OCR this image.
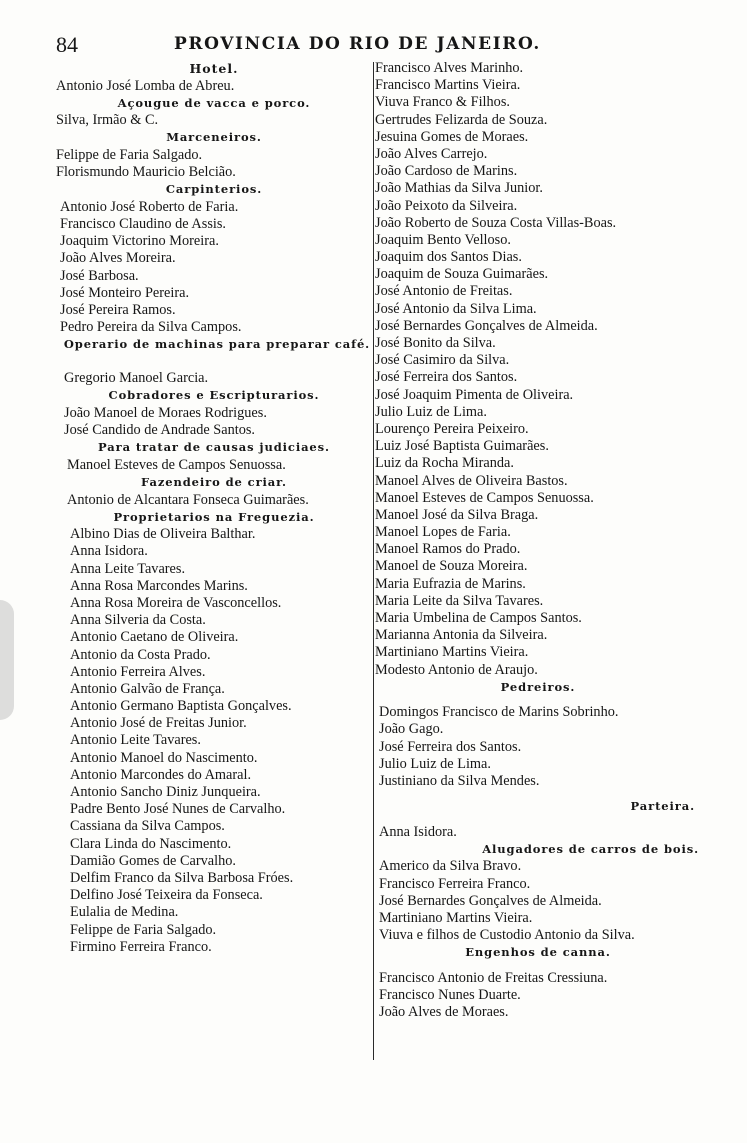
84	PROVINCIA DO RIO DE JANEIRO.
Hotel.
Antonio José Lomba de Abreu.
Açougue de vacca e porco.
Silva, Irmão & C.
Marceneiros.
Felippe de Faria Salgado.
Florismundo Mauricio Belcião.
Carpinterios.
Antonio José Roberto de Faria.
Francisco Claudino de Assis.
Joaquim Victorino Moreira.
João Alves Moreira.
José Barbosa.
José Monteiro Pereira.
José Pereira Ramos.
Pedro Pereira da Silva Campos.
Operario de machinas para preparar café.
Gregorio Manoel Garcia.
Cobradores e Escripturarios.
João Manoel de Moraes Rodrigues.
José Candido de Andrade Santos.
Para tratar de causas judiciaes.
Manoel Esteves de Campos Senuossa.
Fazendeiro de criar.
Antonio de Alcantara Fonseca Guimarães.
Proprietarios na Freguezia.
Albino Dias de Oliveira Balthar.
Anna Isidora.
Anna Leite Tavares.
Anna Rosa Marcondes Marins.
Anna Rosa Moreira de Vasconcellos.
Anna Silveria da Costa.
Antonio Caetano de Oliveira.
Antonio da Costa Prado.
Antonio Ferreira Alves.
Antonio Galvão de França.
Antonio Germano Baptista Gonçalves.
Antonio José de Freitas Junior.
Antonio Leite Tavares.
Antonio Manoel do Nascimento.
Antonio Marcondes do Amaral.
Antonio Sancho Diniz Junqueira.
Padre Bento José Nunes de Carvalho.
Cassiana da Silva Campos.
Clara Linda do Nascimento.
Damião Gomes de Carvalho.
Delfim Franco da Silva Barbosa Fróes.
Delfino José Teixeira da Fonseca.
Eulalia de Medina.
Felippe de Faria Salgado.
Firmino Ferreira Franco.
Francisco Alves Marinho.
Francisco Martins Vieira.
Viuva Franco & Filhos.
Gertrudes Felizarda de Souza.
Jesuina Gomes de Moraes.
João Alves Carrejo.
João Cardoso de Marins.
João Mathias da Silva Junior.
João Peixoto da Silveira.
João Roberto de Souza Costa Villas-Boas.
Joaquim Bento Velloso.
Joaquim dos Santos Dias.
Joaquim de Souza Guimarães.
José Antonio de Freitas.
José Antonio da Silva Lima.
José Bernardes Gonçalves de Almeida.
José Bonito da Silva.
José Casimiro da Silva.
José Ferreira dos Santos.
José Joaquim Pimenta de Oliveira.
Julio Luiz de Lima.
Lourenço Pereira Peixeiro.
Luiz José Baptista Guimarães.
Luiz da Rocha Miranda.
Manoel Alves de Oliveira Bastos.
Manoel Esteves de Campos Senuossa.
Manoel José da Silva Braga.
Manoel Lopes de Faria.
Manoel Ramos do Prado.
Manoel de Souza Moreira.
Maria Eufrazia de Marins.
Maria Leite da Silva Tavares.
Maria Umbelina de Campos Santos.
Marianna Antonia da Silveira.
Martiniano Martins Vieira.
Modesto Antonio de Araujo.
Pedreiros.
Domingos Francisco de Marins Sobrinho.
João Gago.
José Ferreira dos Santos.
Julio Luiz de Lima.
Justiniano da Silva Mendes.
Parteira.
Anna Isidora.
Alugadores de carros de bois.
Americo da Silva Bravo.
Francisco Ferreira Franco.
José Bernardes Gonçalves de Almeida.
Martiniano Martins Vieira.
Viuva e filhos de Custodio Antonio da Silva.
Engenhos de canna.
Francisco Antonio de Freitas Cressiuna.
Francisco Nunes Duarte.
João Alves de Moraes.
